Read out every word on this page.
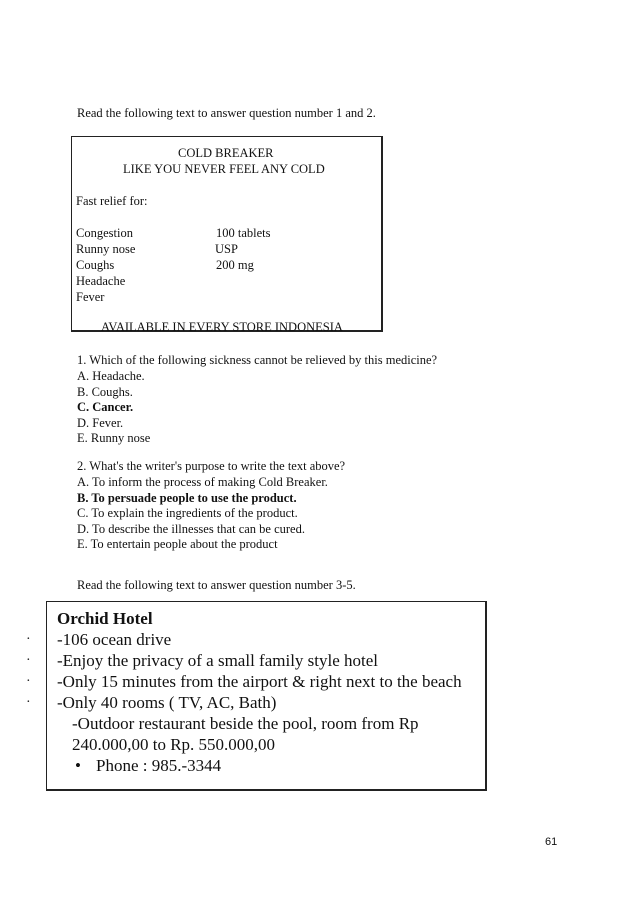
Read the following text to answer question number 1 and 2.
COLD BREAKER
LIKE YOU NEVER FEEL ANY COLD
Fast relief for:
Congestion
Runny nose
Coughs
Headache
Fever
100 tablets
USP
200 mg
AVAILABLE IN EVERY STORE INDONESIA
1. Which of the following sickness cannot be relieved by this medicine?
A. Headache.
B. Coughs.
C. Cancer.
D. Fever.
E. Runny nose
2. What's the writer's purpose to write the text above?
A. To inform the process of making Cold Breaker.
B. To persuade people to use the product.
C. To explain the ingredients of the product.
D. To describe the illnesses that can be cured.
E. To entertain people about the product
Read the following text to answer question number 3-5.
·
·
·
·
Orchid Hotel
-106 ocean drive
-Enjoy the privacy of a small family style hotel
-Only 15 minutes from the airport & right next to the beach
-Only 40 rooms ( TV, AC, Bath)
-Outdoor restaurant beside the pool, room from Rp
240.000,00 to Rp. 550.000,00
• Phone : 985.-3344
61
